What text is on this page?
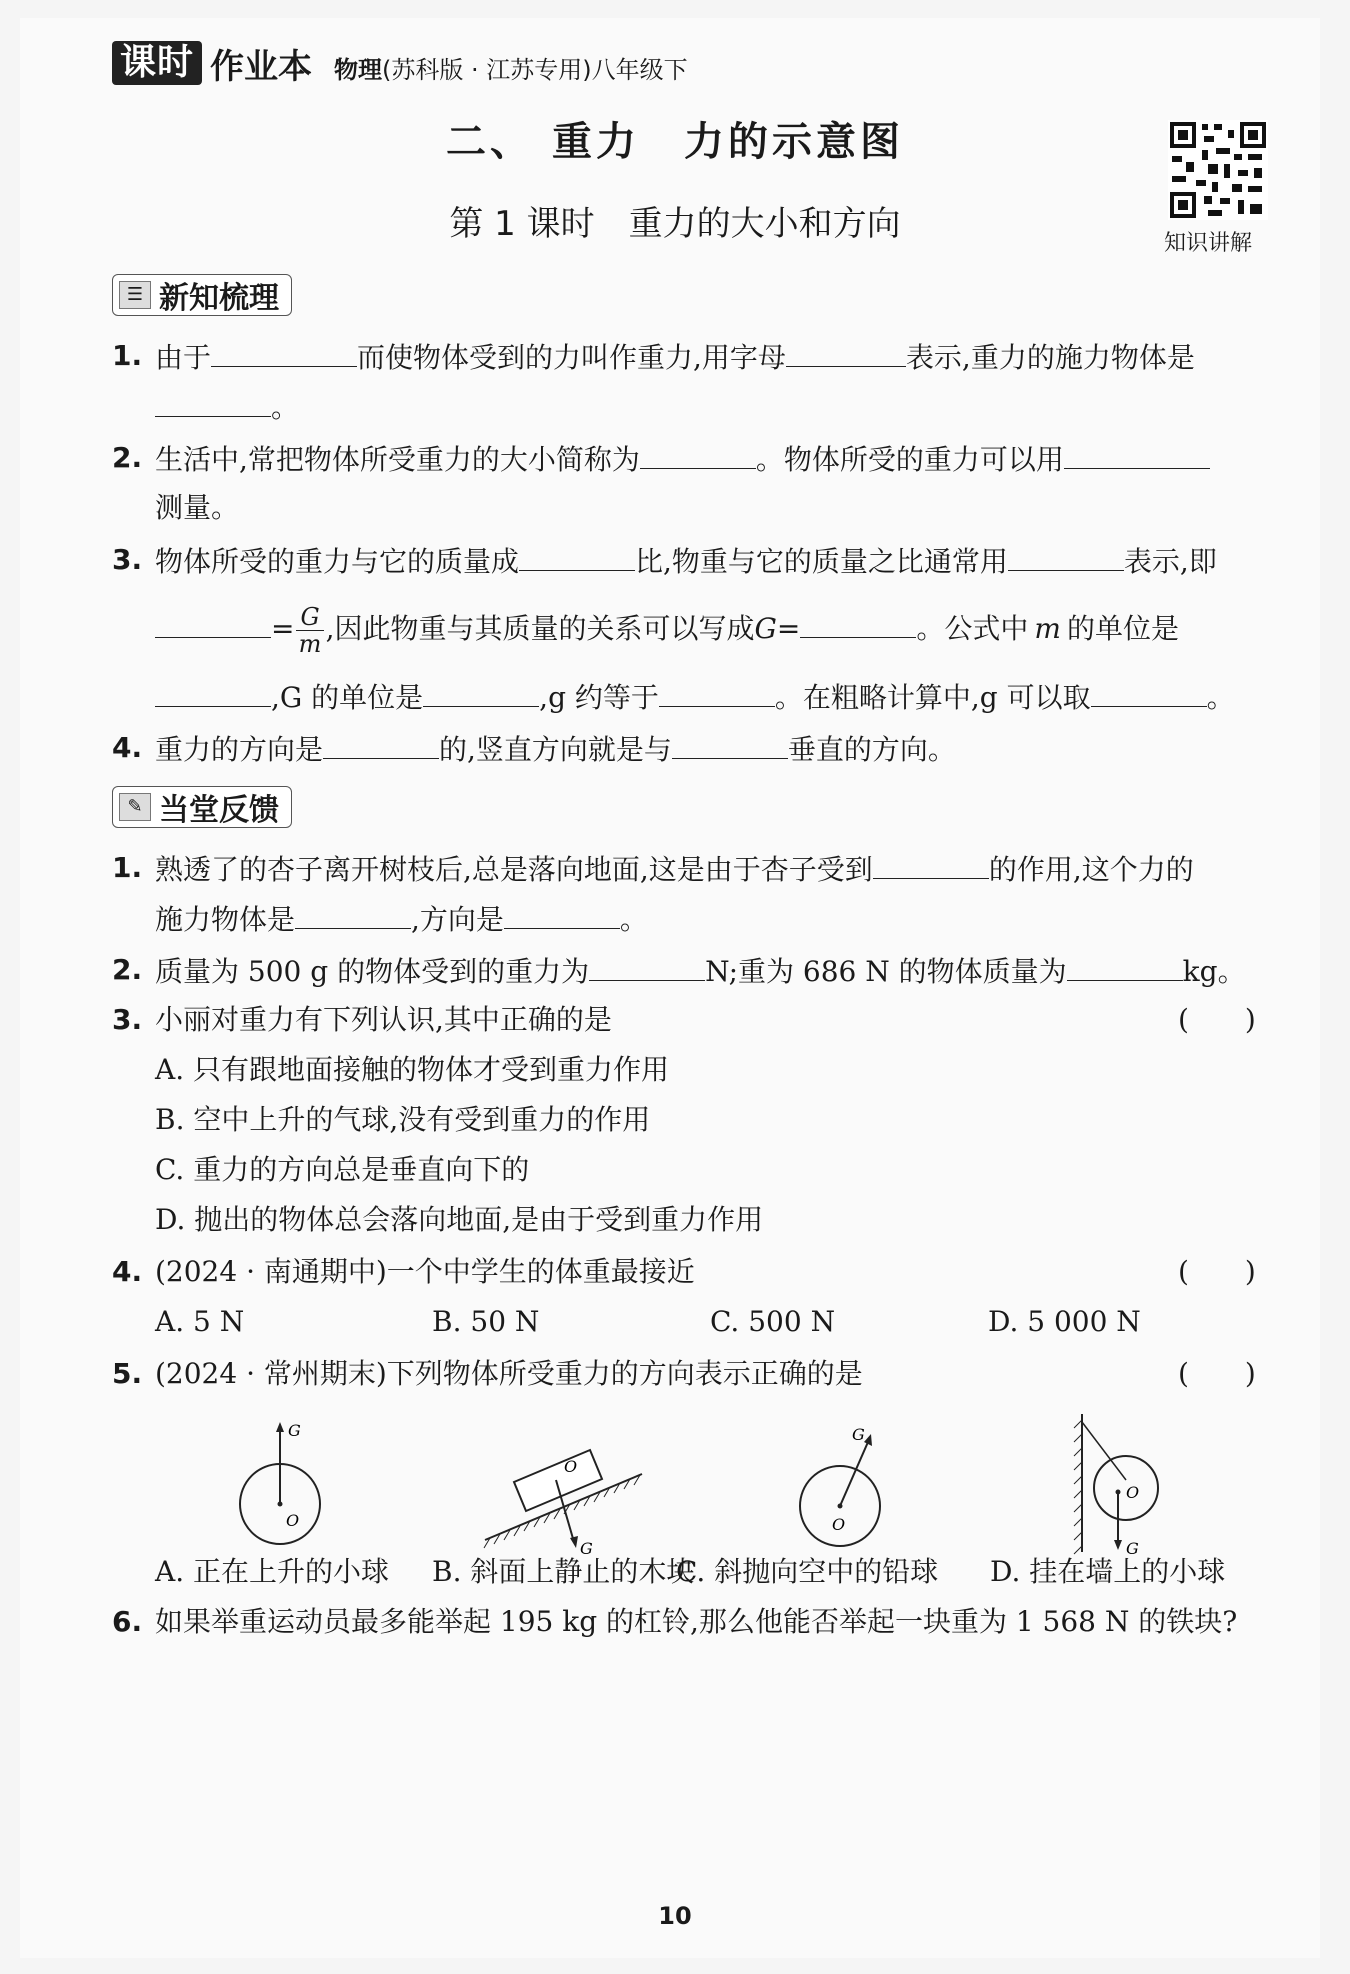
课时 作业本 物理(苏科版 · 江苏专用)八年级下
二、 重力　力的示意图
第 1 课时　重力的大小和方向	知识讲解
☰ 新知梳理
1. 由于	而使物体受到的力叫作重力,用字母	表示,重力的施力物体是
。
2. 生活中,常把物体所受重力的大小简称为	。物体所受的重力可以用
测量。
3. 物体所受的重力与它的质量成	比,物重与它的质量之比通常用	表示,即
= $\frac{G}{m}$ ,因此物重与其质量的关系可以写成G=	。公式中 m 的单位是
,G 的单位是	,g 约等于	。在粗略计算中,g 可以取	。
4. 重力的方向是	的,竖直方向就是与	垂直的方向。
✎ 当堂反馈
1. 熟透了的杏子离开树枝后,总是落向地面,这是由于杏子受到	的作用,这个力的
施力物体是	,方向是	。
2. 质量为 500 g 的物体受到的重力为	N;重为 686 N 的物体质量为	kg。
3. 小丽对重力有下列认识,其中正确的是	(　　)
A. 只有跟地面接触的物体才受到重力作用
B. 空中上升的气球,没有受到重力的作用
C. 重力的方向总是垂直向下的
D. 抛出的物体总会落向地面,是由于受到重力作用
4. (2024 · 南通期中)一个中学生的体重最接近	(　　)
A. 5 N	B. 50 N	C. 500 N	D. 5 000 N
5. (2024 · 常州期末)下列物体所受重力的方向表示正确的是	(　　)
G
O
O
G
G
O
O
G
A. 正在上升的小球 B. 斜面上静止的木块
C. 斜抛向空中的铅球 D. 挂在墙上的小球
6. 如果举重运动员最多能举起 195 kg 的杠铃,那么他能否举起一块重为 1 568 N 的铁块?
10
